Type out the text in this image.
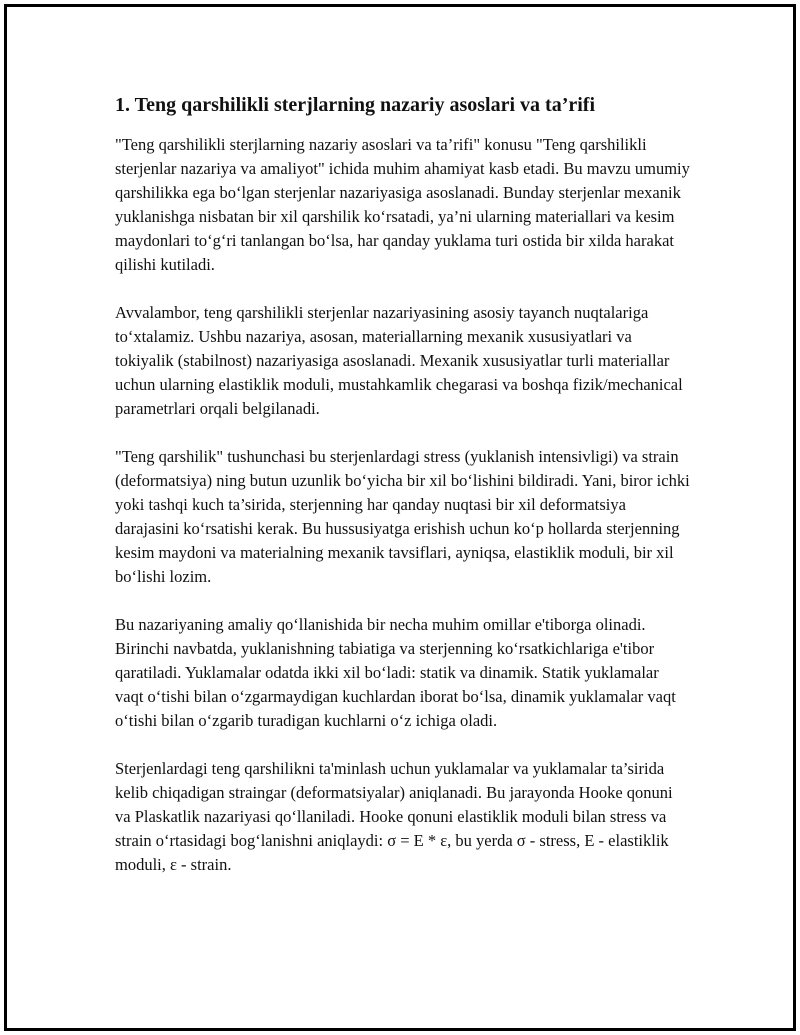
1. Teng qarshilikli sterjlarning nazariy asoslari va ta’rifi

"Teng qarshilikli sterjlarning nazariy asoslari va ta’rifi" konusu "Teng qarshilikli sterjenlar nazariya va amaliyot" ichida muhim ahamiyat kasb etadi. Bu mavzu umumiy qarshilikka ega bo‘lgan sterjenlar nazariyasiga asoslanadi. Bunday sterjenlar mexanik yuklanishga nisbatan bir xil qarshilik ko‘rsatadi, ya’ni ularning materiallari va kesim maydonlari to‘g‘ri tanlangan bo‘lsa, har qanday yuklama turi ostida bir xilda harakat qilishi kutiladi.

Avvalambor, teng qarshilikli sterjenlar nazariyasining asosiy tayanch nuqtalariga to‘xtalamiz. Ushbu nazariya, asosan, materiallarning mexanik xususiyatlari va tokiyalik (stabilnost) nazariyasiga asoslanadi. Mexanik xususiyatlar turli materiallar uchun ularning elastiklik moduli, mustahkamlik chegarasi va boshqa fizik/mechanical parametrlari orqali belgilanadi.

"Teng qarshilik" tushunchasi bu sterjenlardagi stress (yuklanish intensivligi) va strain (deformatsiya) ning butun uzunlik bo‘yicha bir xil bo‘lishini bildiradi. Yani, biror ichki yoki tashqi kuch ta’sirida, sterjenning har qanday nuqtasi bir xil deformatsiya darajasini ko‘rsatishi kerak. Bu hussusiyatga erishish uchun ko‘p hollarda sterjenning kesim maydoni va materialning mexanik tavsiflari, ayniqsa, elastiklik moduli, bir xil bo‘lishi lozim.

Bu nazariyaning amaliy qo‘llanishida bir necha muhim omillar e'tiborga olinadi. Birinchi navbatda, yuklanishning tabiatiga va sterjenning ko‘rsatkichlariga e'tibor qaratiladi. Yuklamalar odatda ikki xil bo‘ladi: statik va dinamik. Statik yuklamalar vaqt o‘tishi bilan o‘zgarmaydigan kuchlardan iborat bo‘lsa, dinamik yuklamalar vaqt o‘tishi bilan o‘zgarib turadigan kuchlarni o‘z ichiga oladi.

Sterjenlardagi teng qarshilikni ta'minlash uchun yuklamalar va yuklamalar ta’sirida kelib chiqadigan straingar (deformatsiyalar) aniqlanadi. Bu jarayonda Hooke qonuni va Plaskatlik nazariyasi qo‘llaniladi. Hooke qonuni elastiklik moduli bilan stress va strain o‘rtasidagi bog‘lanishni aniqlaydi: σ = E * ε, bu yerda σ - stress, E - elastiklik moduli, ε - strain.
